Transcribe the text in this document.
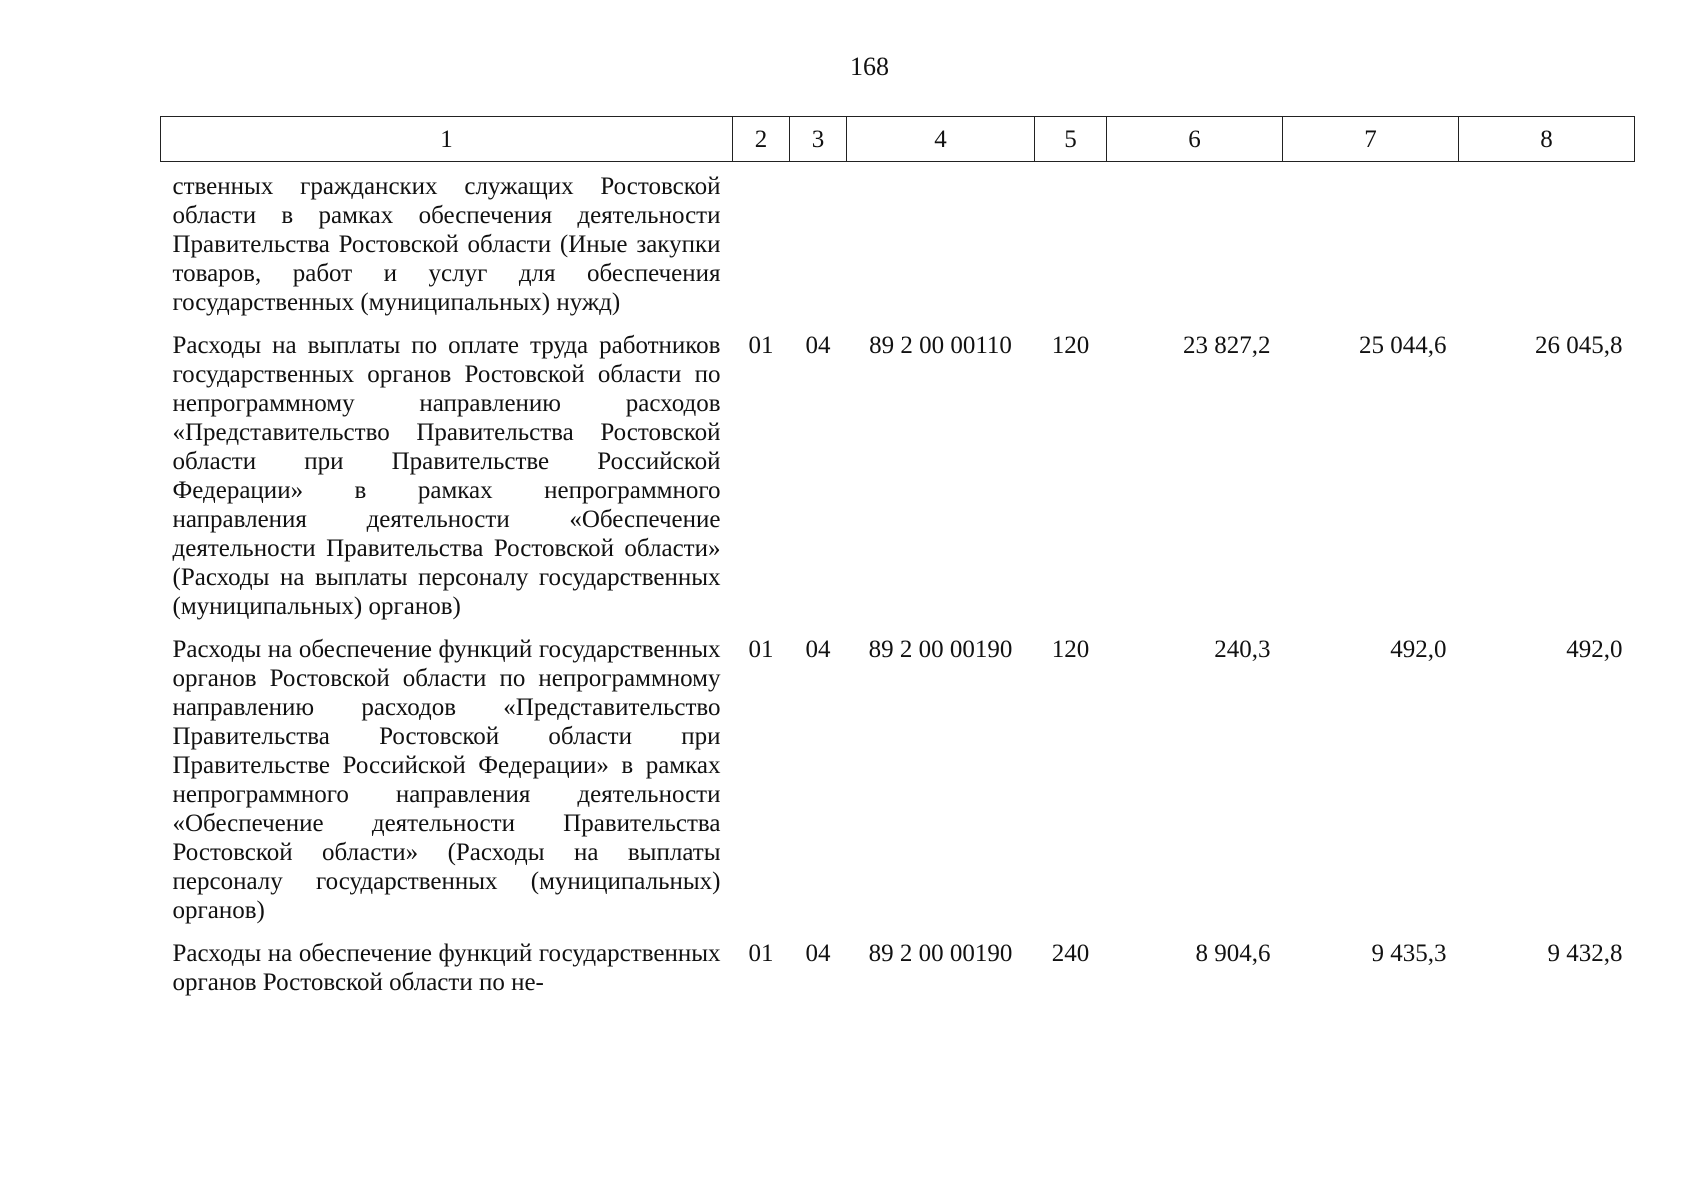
168
1	2	3	4	5	6	7	8
ственных гражданских служащих Ростовской области в рамках обеспечения деятельности Правительства Ростовской области (Иные закупки товаров, работ и услуг для обеспечения государственных (муниципальных) нужд)							
Расходы на выплаты по оплате труда работников государственных органов Ростовской области по непрограммному направлению расходов «Представительство Правительства Ростовской области при Правительстве Российской Федерации» в рамках непрограммного направления деятельности «Обеспечение деятельности Правительства Ростовской области» (Расходы на выплаты персоналу государственных (муниципальных) органов)	01	04	89 2 00 00110	120	23 827,2	25 044,6	26 045,8
Расходы на обеспечение функций государственных органов Ростовской области по непрограммному направлению расходов «Представительство Правительства Ростовской области при Правительстве Российской Федерации» в рамках непрограммного направления деятельности «Обеспечение деятельности Правительства Ростовской области» (Расходы на выплаты персоналу государственных (муниципальных) органов)	01	04	89 2 00 00190	120	240,3	492,0	492,0
Расходы на обеспечение функций государственных органов Ростовской области по не-	01	04	89 2 00 00190	240	8 904,6	9 435,3	9 432,8
